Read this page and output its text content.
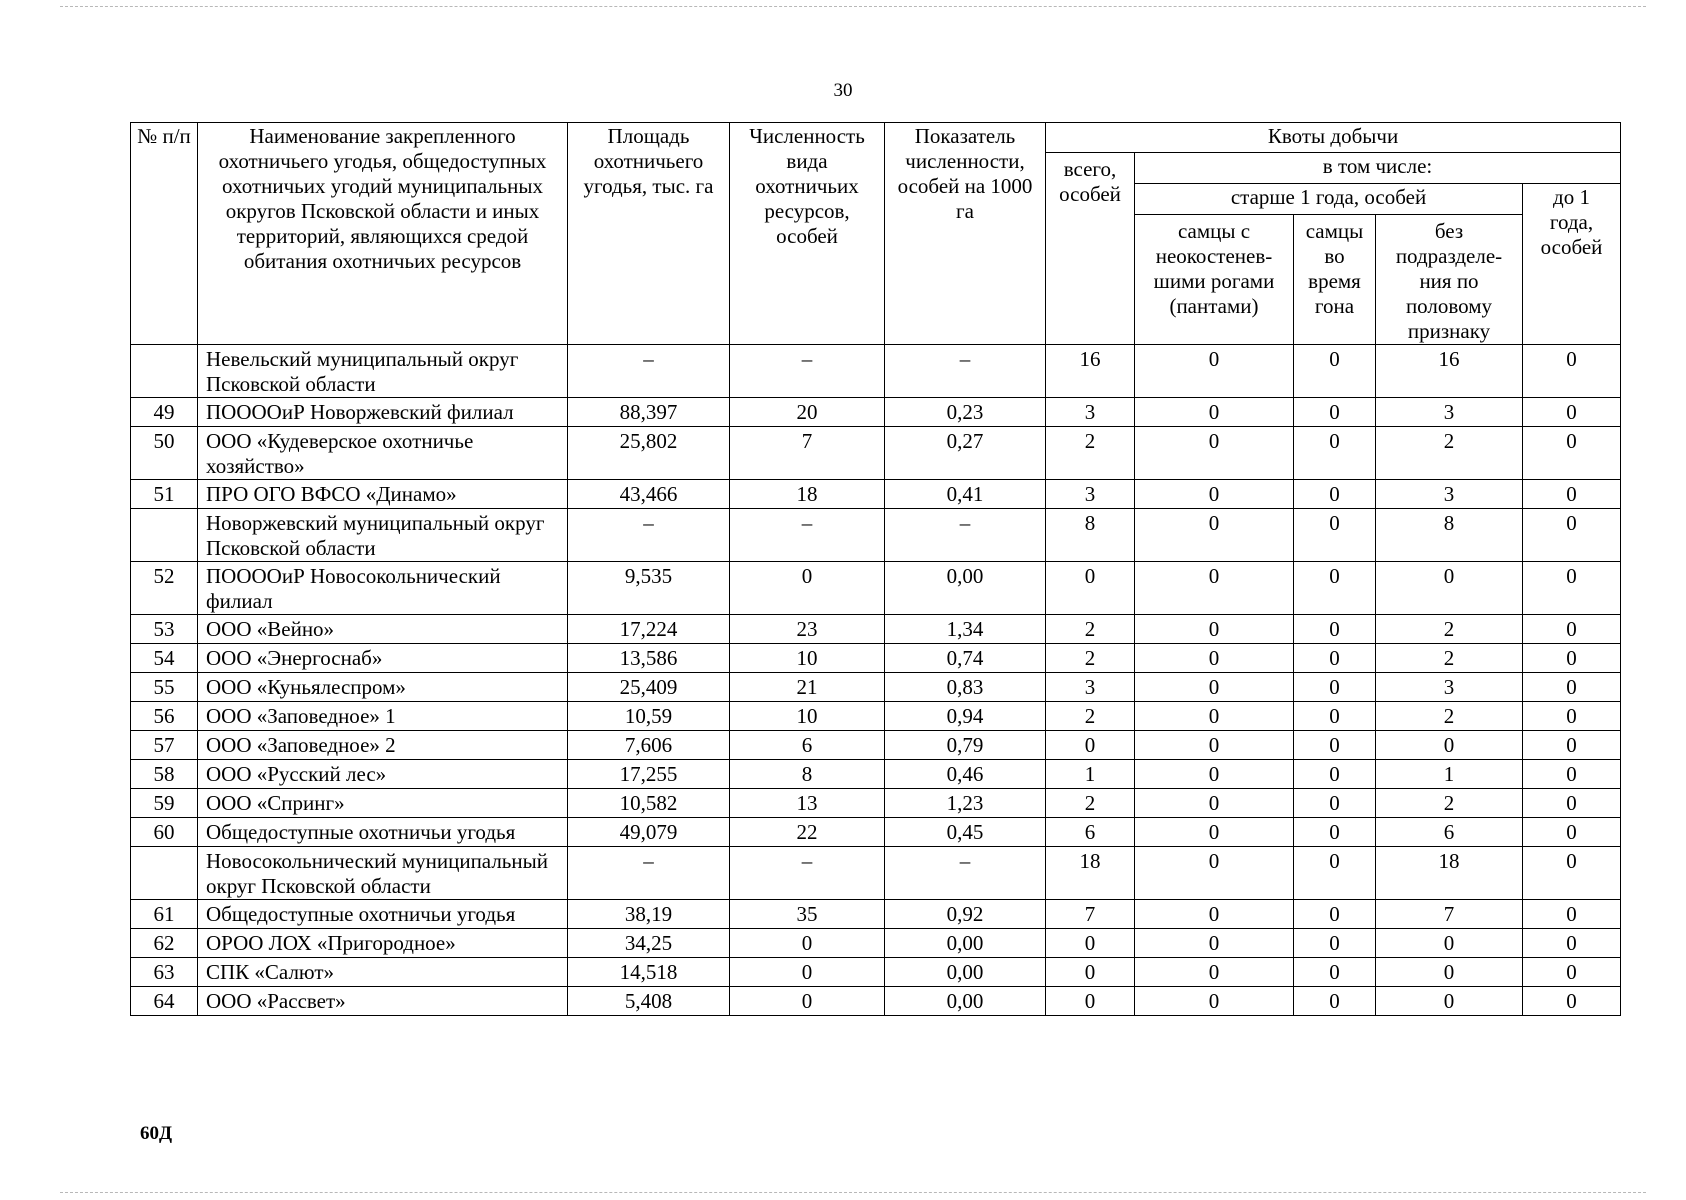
30
№ п/п	Наименование закрепленного охотничьего угодья, общедоступных охотничьих угодий муниципальных округов Псковской области и иных территорий, являющихся средой обитания охотничьих ресурсов	Площадь охотничьего угодья, тыс. га	Численность вида охотничьих ресурсов, особей	Показатель численности, особей на 1000 га	Квоты добычи				
					всего, особей	в том числе:			
						старше 1 года, особей			до 1 года, особей
						самцы с неокостенев-шими рогами (пантами)	самцы во время гона	без подразделе-ния по половому признаку	
	Невельский муниципальный округ Псковской области	–	–	–	16	0	0	16	0
49	ПООООиР Новоржевский филиал	88,397	20	0,23	3	0	0	3	0
50	ООО «Кудеверское охотничье хозяйство»	25,802	7	0,27	2	0	0	2	0
51	ПРО ОГО ВФСО «Динамо»	43,466	18	0,41	3	0	0	3	0
	Новоржевский муниципальный округ Псковской области	–	–	–	8	0	0	8	0
52	ПООООиР Новосокольнический филиал	9,535	0	0,00	0	0	0	0	0
53	ООО «Вейно»	17,224	23	1,34	2	0	0	2	0
54	ООО «Энергоснаб»	13,586	10	0,74	2	0	0	2	0
55	ООО «Куньялеспром»	25,409	21	0,83	3	0	0	3	0
56	ООО «Заповедное» 1	10,59	10	0,94	2	0	0	2	0
57	ООО «Заповедное» 2	7,606	6	0,79	0	0	0	0	0
58	ООО «Русский лес»	17,255	8	0,46	1	0	0	1	0
59	ООО «Спринг»	10,582	13	1,23	2	0	0	2	0
60	Общедоступные охотничьи угодья	49,079	22	0,45	6	0	0	6	0
	Новосокольнический муниципальный округ Псковской области	–	–	–	18	0	0	18	0
61	Общедоступные охотничьи угодья	38,19	35	0,92	7	0	0	7	0
62	ОРОО ЛОХ «Пригородное»	34,25	0	0,00	0	0	0	0	0
63	СПК «Салют»	14,518	0	0,00	0	0	0	0	0
64	ООО «Рассвет»	5,408	0	0,00	0	0	0	0	0
60Д
